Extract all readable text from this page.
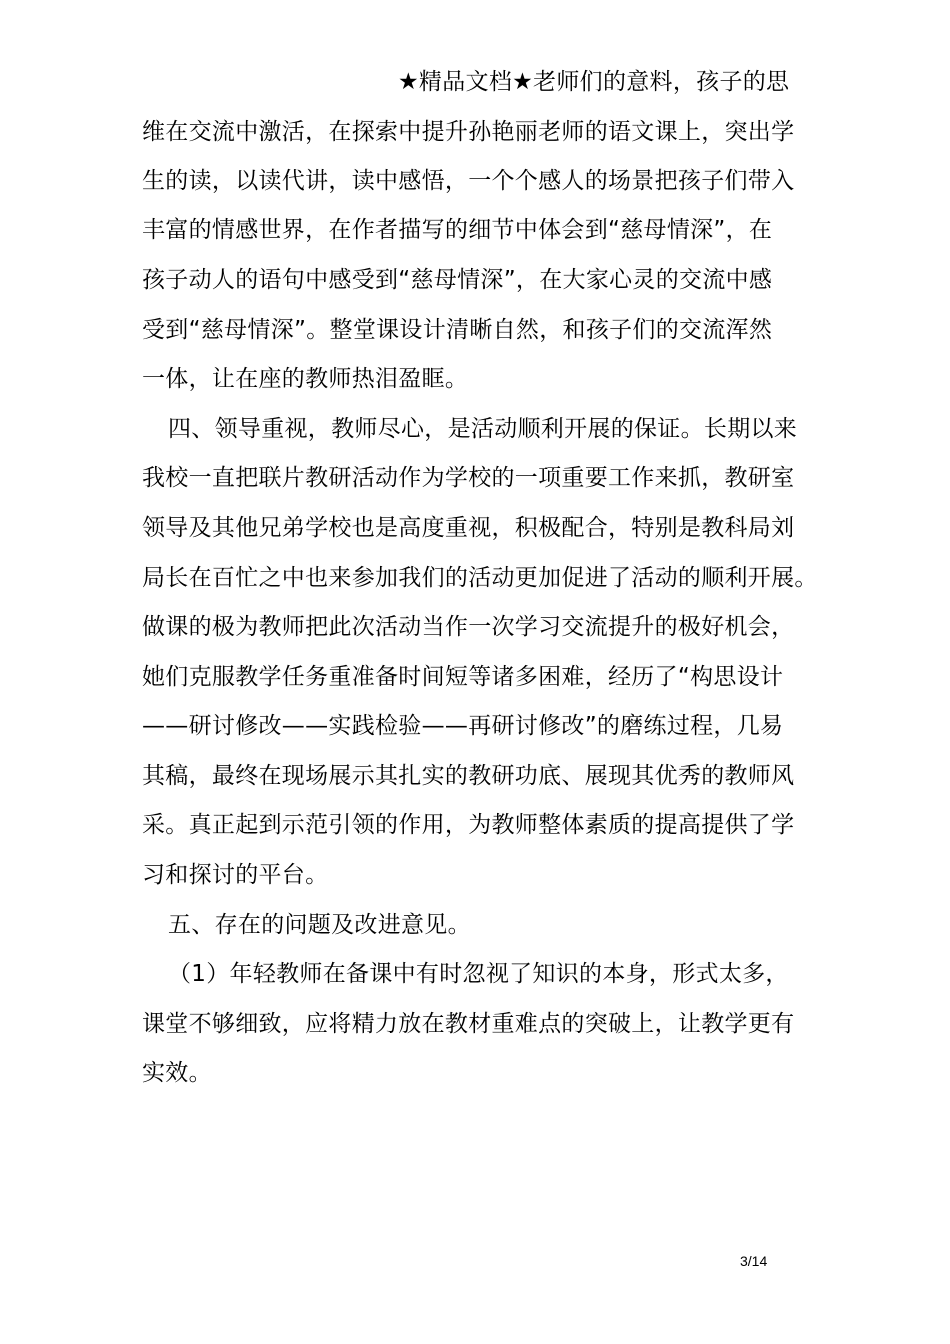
★精品文档★老师们的意料，孩子的思
维在交流中激活，在探索中提升孙艳丽老师的语文课上，突出学
生的读，以读代讲，读中感悟，一个个感人的场景把孩子们带入
丰富的情感世界，在作者描写的细节中体会到“慈母情深”，在
孩子动人的语句中感受到“慈母情深”，在大家心灵的交流中感
受到“慈母情深”。整堂课设计清晰自然，和孩子们的交流浑然
一体，让在座的教师热泪盈眶。
四、领导重视，教师尽心，是活动顺利开展的保证。长期以来
我校一直把联片教研活动作为学校的一项重要工作来抓，教研室
领导及其他兄弟学校也是高度重视，积极配合，特别是教科局刘
局长在百忙之中也来参加我们的活动更加促进了活动的顺利开展。
做课的极为教师把此次活动当作一次学习交流提升的极好机会，
她们克服教学任务重准备时间短等诸多困难，经历了“构思设计
——研讨修改——实践检验——再研讨修改”的磨练过程，几易
其稿，最终在现场展示其扎实的教研功底、展现其优秀的教师风
采。真正起到示范引领的作用，为教师整体素质的提高提供了学
习和探讨的平台。
五、存在的问题及改进意见。
（1）年轻教师在备课中有时忽视了知识的本身，形式太多，
课堂不够细致，应将精力放在教材重难点的突破上，让教学更有
实效。
3/14
